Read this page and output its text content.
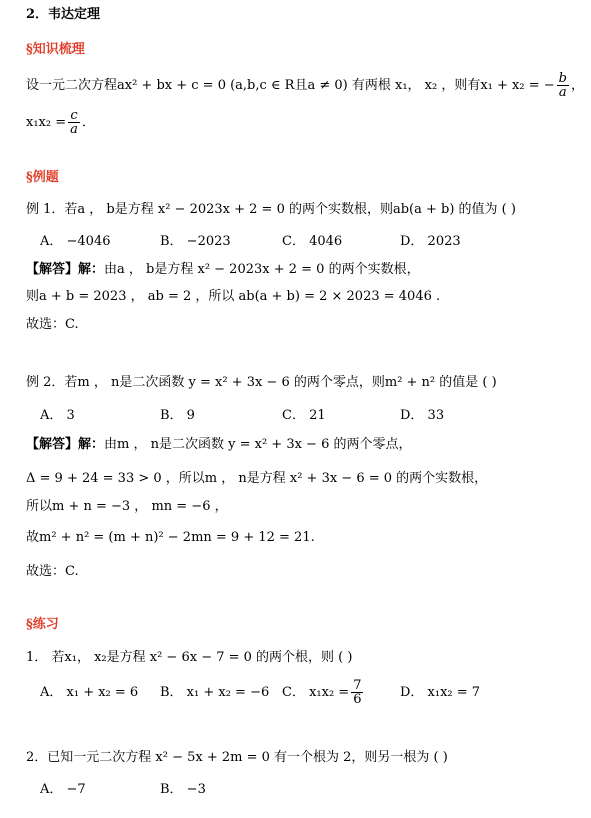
2．韦达定理
§知识梳理
设一元二次方程ax² + bx + c = 0 (a,b,c ∈ R且a ≠ 0) 有两根 x₁， x₂ ，则有x₁ + x₂ = − $\frac{b}{a}$ ，
$x_1x_2 = \frac{c}{a}$ ．
§例题
例 1．若a ， b是方程 x² − 2023x + 2 = 0 的两个实数根，则ab(a + b) 的值为 ( )
A． −4046	B． −2023	C． 4046	D． 2023
【解答】解：由a ， b是方程 x² − 2023x + 2 = 0 的两个实数根，
则a + b = 2023 ， ab = 2 ，所以 ab(a + b) = 2 × 2023 = 4046 .
故选：C.
例 2．若m ， n是二次函数 y = x² + 3x − 6 的两个零点，则m² + n² 的值是 ( )
A． 3	B． 9	C． 21	D． 33
【解答】解：由m ， n是二次函数 y = x² + 3x − 6 的两个零点，
Δ = 9 + 24 = 33 > 0 ，所以m ， n是方程 x² + 3x − 6 = 0 的两个实数根，
所以m + n = −3 ， mn = −6 ，
故m² + n² = (m + n)² − 2mn = 9 + 12 = 21.
故选：C.
§练习
1． 若x₁， x₂是方程 x² − 6x − 7 = 0 的两个根，则 ( )
A． x₁ + x₂ = 6 B． x₁ + x₂ = −6 C． $x_1x_2 = \frac{7}{6}$	D． x₁x₂ = 7
2．已知一元二次方程 x² − 5x + 2m = 0 有一个根为 2，则另一根为 ( )
A． −7	B． −3
